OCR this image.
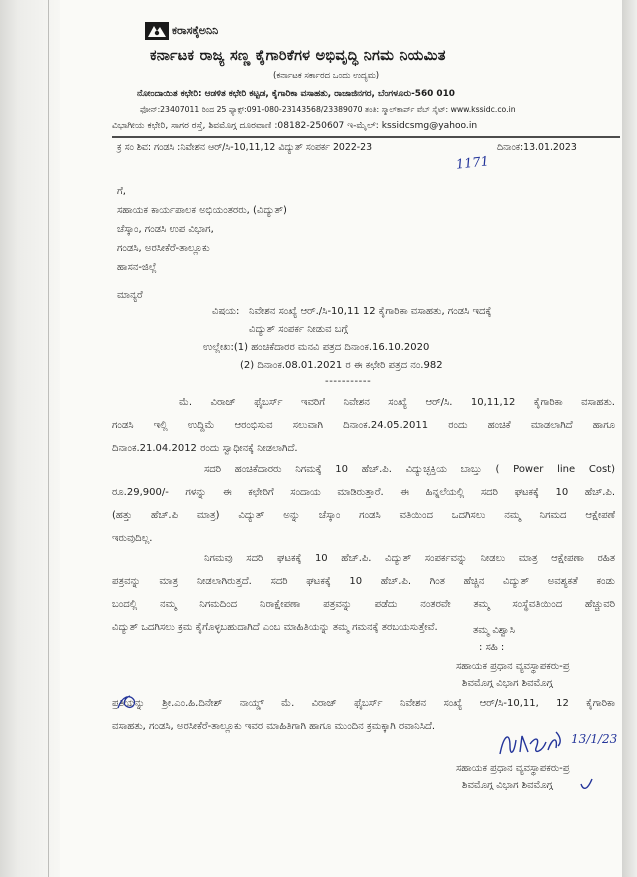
ಕರಾಸಕೈಅನಿನಿ
ಕರ್ನಾಟಕ ರಾಜ್ಯ ಸಣ್ಣ ಕೈಗಾರಿಕೆಗಳ ಅಭಿವೃದ್ಧಿ ನಿಗಮ ನಿಯಮಿತ
(ಕರ್ನಾಟಕ ಸರ್ಕಾರದ ಒಂದು ಉದ್ಯಮ)
ನೋಂದಾಯಿತ ಕಛೇರಿ: ಆಡಳಿತ ಕಛೇರಿ ಕಟ್ಟಡ, ಕೈಗಾರಿಕಾ ವಸಾಹತು, ರಾಜಾಜಿನಗರ, ಬೆಂಗಳೂರು-560 010
ಫೋನ್:23407011 ರಿಂದ 25 ಫ್ಯಾಕ್ಸ್:091-080-23143568/23389070 ತಂತಿ: ಸ್ಮಾಲ್‌ಕಾರ್ಪ್ ವೆಬ್ ಸೈಟ್: www.kssidc.co.in
ವಿಭಾಗೀಯ ಕಛೇರಿ, ಸಾಗರ ರಸ್ತೆ, ಶಿವಮೊಗ್ಗ ದೂರವಾಣಿ :08182-250607 ಇ-ಮೈಲ್: kssidcsmg@yahoo.in
ಕ್ರ ಸಂ ಶಿವ: ಗಂಡಸಿ :ನಿವೇಶನ ಆರ್/ಸಿ-10,11,12 ವಿದ್ಯುತ್ ಸಂಪರ್ಕ 2022-23	ದಿನಾಂಕ:13.01.2023
1171
ಗೆ,
ಸಹಾಯಕ ಕಾರ್ಯಪಾಲಕ ಅಭಿಯಂತರರು, (ವಿದ್ಯುತ್)
ಚೆಸ್ಕಾಂ, ಗಂಡಸಿ ಉಪ ವಿಭಾಗ,
ಗಂಡಸಿ, ಅರಸೀಕೆರೆ-ತಾಲ್ಲೂಕು
ಹಾಸನ-ಜಿಲ್ಲೆ
ಮಾನ್ಯರೆ
ವಿಷಯ: ನಿವೇಶನ ಸಂಖ್ಯೆ ಆರ್./ಸಿ-10,11 12 ಕೈಗಾರಿಕಾ ವಸಾಹತು, ಗಂಡಸಿ ಇದಕ್ಕೆ
ವಿದ್ಯುತ್ ಸಂಪರ್ಕ ನೀಡುವ ಬಗ್ಗೆ
ಉಲ್ಲೇಖ:(1) ಹಂಚಿಕೆದಾರರ ಮನವಿ ಪತ್ರದ ದಿನಾಂಕ.16.10.2020
(2) ದಿನಾಂಕ.08.01.2021 ರ ಈ ಕಛೇರಿ ಪತ್ರದ ನಂ.982
-----------
ಮೆ. ವಿರಾಜ್ ಫೈಬರ್ಸ್ ಇವರಿಗೆ ನಿವೇಶನ ಸಂಖ್ಯೆ ಆರ್/ಸಿ. 10,11,12 ಕೈಗಾರಿಕಾ ವಸಾಹತು.
ಗಂಡಸಿ ಇಲ್ಲಿ ಉದ್ದಿಮೆ ಆರಂಭಿಸುವ ಸಲುವಾಗಿ ದಿನಾಂಕ.24.05.2011 ರಂದು ಹಂಚಿಕೆ ಮಾಡಲಾಗಿದೆ ಹಾಗೂ
ದಿನಾಂಕ.21.04.2012 ರಂದು ಸ್ವಾಧೀನಕ್ಕೆ ನೀಡಲಾಗಿದೆ.
ಸದರಿ ಹಂಚಿಕೆದಾರರು ನಿಗಮಕ್ಕೆ 10 ಹೆಚ್.ಪಿ. ವಿದ್ಯುಚ್ಛಕ್ತಿಯ ಬಾಬ್ತು ( Power line Cost)
ರೂ.29,900/- ಗಳನ್ನು ಈ ಕಛೇರಿಗೆ ಸಂದಾಯ ಮಾಡಿರುತ್ತಾರೆ. ಈ ಹಿನ್ನಲೆಯಲ್ಲಿ ಸದರಿ ಘಟಕಕ್ಕೆ 10 ಹೆಚ್.ಪಿ.
(ಹತ್ತು ಹೆಚ್.ಪಿ ಮಾತ್ರ) ವಿದ್ಯುತ್ ಅನ್ನು ಚೆಸ್ಕಾಂ ಗಂಡಸಿ ವತಿಯಿಂದ ಒದಗಿಸಲು ನಮ್ಮ ನಿಗಮದ ಆಕ್ಷೇಪಣೆ
ಇರುವುದಿಲ್ಲ.
ನಿಗಮವು ಸದರಿ ಘಟಕಕ್ಕೆ 10 ಹೆಚ್.ಪಿ. ವಿದ್ಯುತ್ ಸಂಪರ್ಕವನ್ನು ನೀಡಲು ಮಾತ್ರ ಆಕ್ಷೇಪಣಾ ರಹಿತ
ಪತ್ರವನ್ನು ಮಾತ್ರ ನೀಡಲಾಗಿರುತ್ತದೆ. ಸದರಿ ಘಟಕಕ್ಕೆ 10 ಹೆಚ್.ಪಿ. ಗಿಂತ ಹೆಚ್ಚಿನ ವಿದ್ಯುತ್ ಅವಶ್ಯಕತೆ ಕಂಡು
ಬಂದಲ್ಲಿ ನಮ್ಮ ನಿಗಮದಿಂದ ನಿರಾಕ್ಷೇಪಣಾ ಪತ್ರವನ್ನು ಪಡೆದು ನಂತರವೇ ತಮ್ಮ ಸಂಸ್ಥೆವತಿಯಿಂದ ಹೆಚ್ಚುವರಿ
ವಿದ್ಯುತ್ ಒದಗಿಸಲು ಕ್ರಮ ಕೈಗೊಳ್ಳಬಹುದಾಗಿದೆ ಎಂಬ ಮಾಹಿತಿಯನ್ನು ತಮ್ಮ ಗಮನಕ್ಕೆ ತರಬಯಸುತ್ತೇವೆ.	ತಮ್ಮ ವಿಶ್ವಾಸಿ
: ಸಹಿ :
ಸಹಾಯಕ ಪ್ರಧಾನ ವ್ಯವಸ್ಥಾಪಕರು-ಪ್ರ
ಶಿವಮೊಗ್ಗ ವಿಭಾಗ ಶಿವಮೊಗ್ಗ
ಪ್ರತಿಯನ್ನು ಶ್ರೀ.ಎಂ.ಹಿ.ದಿನೇಶ್ ನಾಯ್ಡ್ ಮೆ. ವಿರಾಜ್ ಫೈಬರ್ಸ್ ನಿವೇಶನ ಸಂಖ್ಯೆ ಆರ್/ಸಿ-10,11, 12 ಕೈಗಾರಿಕಾ
ವಸಾಹತು, ಗಂಡಸಿ, ಅರಸೀಕೆರೆ-ತಾಲ್ಲೂಕು ಇವರ ಮಾಹಿತಿಗಾಗಿ ಹಾಗೂ ಮುಂದಿನ ಕ್ರಮಕ್ಕಾಗಿ ರವಾನಿಸಿದೆ.
13/1/23
ಸಹಾಯಕ ಪ್ರಧಾನ ವ್ಯವಸ್ಥಾಪಕರು-ಪ್ರ
ಶಿವಮೊಗ್ಗ ವಿಭಾಗ ಶಿವಮೊಗ್ಗ
